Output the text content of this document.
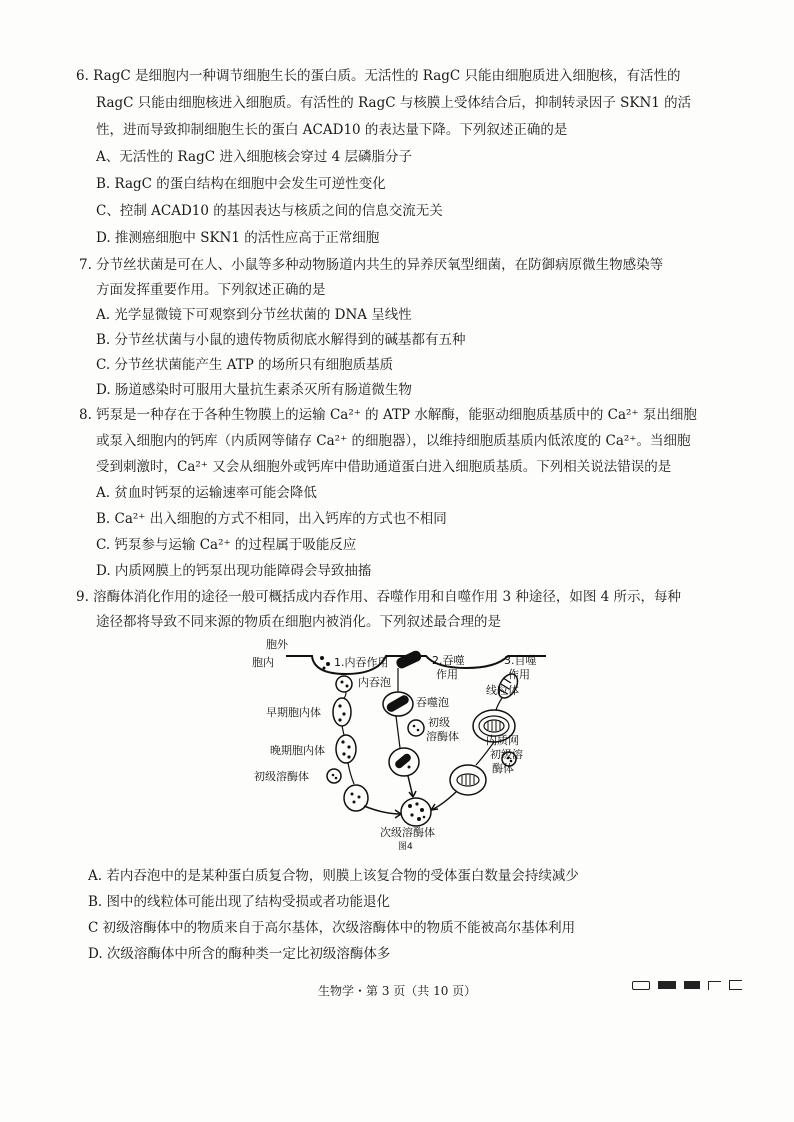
6. RagC 是细胞内一种调节细胞生长的蛋白质。无活性的 RagC 只能由细胞质进入细胞核，有活性的
RagC 只能由细胞核进入细胞质。有活性的 RagC 与核膜上受体结合后，抑制转录因子 SKN1 的活
性，进而导致抑制细胞生长的蛋白 ACAD10 的表达量下降。下列叙述正确的是
A、无活性的 RagC 进入细胞核会穿过 4 层磷脂分子
B. RagC 的蛋白结构在细胞中会发生可逆性变化
C、控制 ACAD10 的基因表达与核质之间的信息交流无关
D. 推测癌细胞中 SKN1 的活性应高于正常细胞
7. 分节丝状菌是可在人、小鼠等多种动物肠道内共生的异养厌氧型细菌，在防御病原微生物感染等
方面发挥重要作用。下列叙述正确的是
A. 光学显微镜下可观察到分节丝状菌的 DNA 呈线性
B. 分节丝状菌与小鼠的遗传物质彻底水解得到的碱基都有五种
C. 分节丝状菌能产生 ATP 的场所只有细胞质基质
D. 肠道感染时可服用大量抗生素杀灭所有肠道微生物
8. 钙泵是一种存在于各种生物膜上的运输 Ca²⁺ 的 ATP 水解酶，能驱动细胞质基质中的 Ca²⁺ 泵出细胞
或泵入细胞内的钙库（内质网等储存 Ca²⁺ 的细胞器），以维持细胞质基质内低浓度的 Ca²⁺。当细胞
受到刺激时，Ca²⁺ 又会从细胞外或钙库中借助通道蛋白进入细胞质基质。下列相关说法错误的是
A. 贫血时钙泵的运输速率可能会降低
B. Ca²⁺ 出入细胞的方式不相同，出入钙库的方式也不相同
C. 钙泵参与运输 Ca²⁺ 的过程属于吸能反应
D. 内质网膜上的钙泵出现功能障碍会导致抽搐
9. 溶酶体消化作用的途径一般可概括成内吞作用、吞噬作用和自噬作用 3 种途径，如图 4 所示，每种
途径都将导致不同来源的物质在细胞内被消化。下列叙述最合理的是
胞外
胞内	1.内吞作用
内吞泡
2.吞噬
作用
3.自噬
作用
线粒体
早期胞内体
吞噬泡
初级
溶酶体
晚期胞内体
内质网
初级溶
酶体
初级溶酶体
次级溶酶体
图4
A. 若内吞泡中的是某种蛋白质复合物，则膜上该复合物的受体蛋白数量会持续减少
B. 图中的线粒体可能出现了结构受损或者功能退化
C 初级溶酶体中的物质来自于高尔基体，次级溶酶体中的物质不能被高尔基体利用
D. 次级溶酶体中所含的酶种类一定比初级溶酶体多
生物学・第 3 页（共 10 页）
